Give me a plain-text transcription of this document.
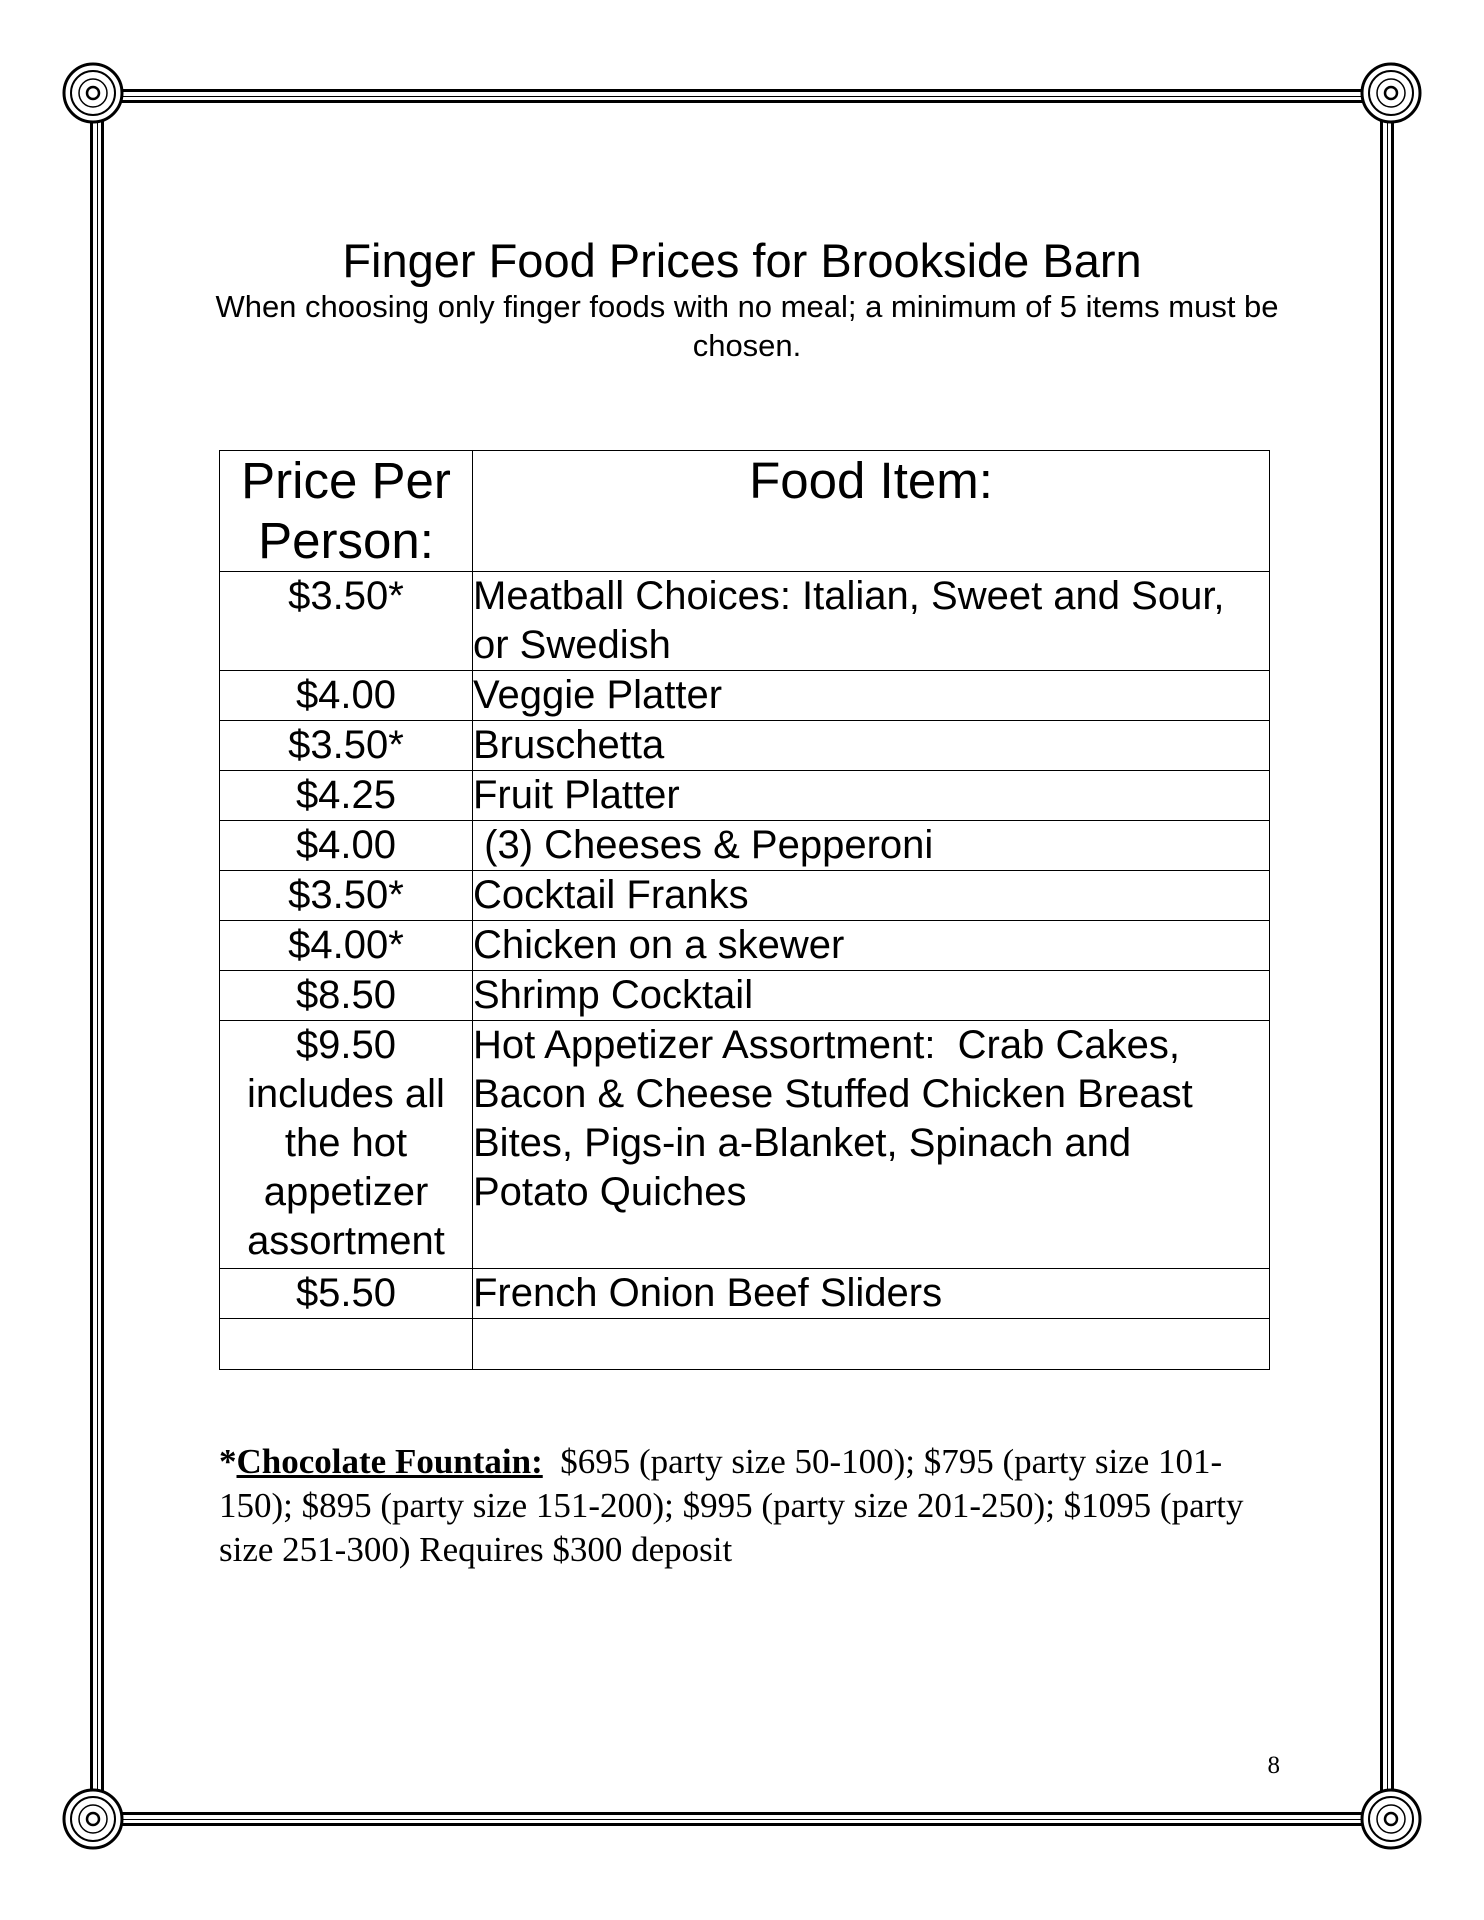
Finger Food Prices for Brookside Barn
When choosing only finger foods with no meal; a minimum of 5 items must be chosen.
Price Per Person:	Food Item:
$3.50*	Meatball Choices: Italian, Sweet and Sour, or Swedish
$4.00	Veggie Platter
$3.50*	Bruschetta
$4.25	Fruit Platter
$4.00	(3) Cheeses & Pepperoni
$3.50*	Cocktail Franks
$4.00*	Chicken on a skewer
$8.50	Shrimp Cocktail
$9.50 includes all the hot appetizer assortment	Hot Appetizer Assortment:  Crab Cakes, Bacon & Cheese Stuffed Chicken Breast Bites, Pigs-in a-Blanket, Spinach and Potato Quiches
$5.50	French Onion Beef Sliders

*Chocolate Fountain: $695 (party size 50-100); $795 (party size 101-150); $895 (party size 151-200); $995 (party size 201-250); $1095 (party size 251-300) Requires $300 deposit
8
